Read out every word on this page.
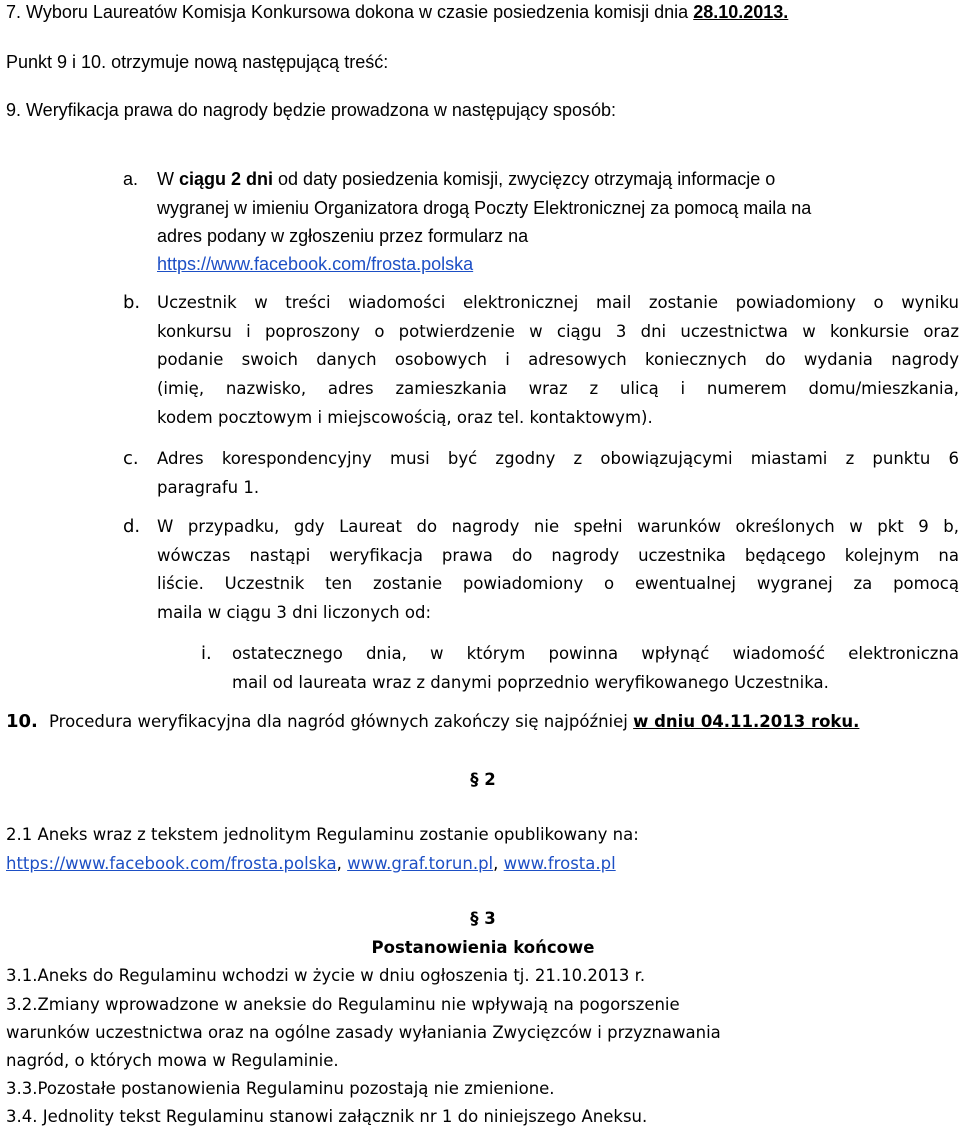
7. Wyboru Laureatów Komisja Konkursowa dokona w czasie posiedzenia komisji dnia 28.10.2013.

Punkt 9 i 10. otrzymuje nową następującą treść:

9. Weryfikacja prawa do nagrody będzie prowadzona w następujący sposób:

a. W ciągu 2 dni od daty posiedzenia komisji, zwycięzcy otrzymają informacje o

wygranej w imieniu Organizatora drogą Poczty Elektronicznej za pomocą maila na

adres podany w zgłoszeniu przez formularz na

https://www.facebook.com/frosta.polska

b. Uczestnik w treści wiadomości elektronicznej mail zostanie powiadomiony o wyniku

konkursu i poproszony o potwierdzenie w ciągu 3 dni uczestnictwa w konkursie oraz

podanie swoich danych osobowych i adresowych koniecznych do wydania nagrody

(imię, nazwisko, adres zamieszkania wraz z ulicą i numerem domu/mieszkania,

kodem pocztowym i miejscowością, oraz tel. kontaktowym).

c. Adres korespondencyjny musi być zgodny z obowiązującymi miastami z punktu 6

paragrafu 1.

d. W przypadku, gdy Laureat do nagrody nie spełni warunków określonych w pkt 9 b,

wówczas nastąpi weryfikacja prawa do nagrody uczestnika będącego kolejnym na

liście. Uczestnik ten zostanie powiadomiony o ewentualnej wygranej za pomocą

maila w ciągu 3 dni liczonych od:

i. ostatecznego dnia, w którym powinna wpłynąć wiadomość elektroniczna

mail od laureata wraz z danymi poprzednio weryfikowanego Uczestnika.

10. Procedura weryfikacyjna dla nagród głównych zakończy się najpóźniej w dniu 04.11.2013 roku.

§ 2

2.1 Aneks wraz z tekstem jednolitym Regulaminu zostanie opublikowany na:

https://www.facebook.com/frosta.polska, www.graf.torun.pl, www.frosta.pl

§ 3

Postanowienia końcowe

3.1.Aneks do Regulaminu wchodzi w życie w dniu ogłoszenia tj. 21.10.2013 r.

3.2.Zmiany wprowadzone w aneksie do Regulaminu nie wpływają na pogorszenie

warunków uczestnictwa oraz na ogólne zasady wyłaniania Zwycięzców i przyznawania

nagród, o których mowa w Regulaminie.

3.3.Pozostałe postanowienia Regulaminu pozostają nie zmienione.

3.4. Jednolity tekst Regulaminu stanowi załącznik nr 1 do niniejszego Aneksu.
